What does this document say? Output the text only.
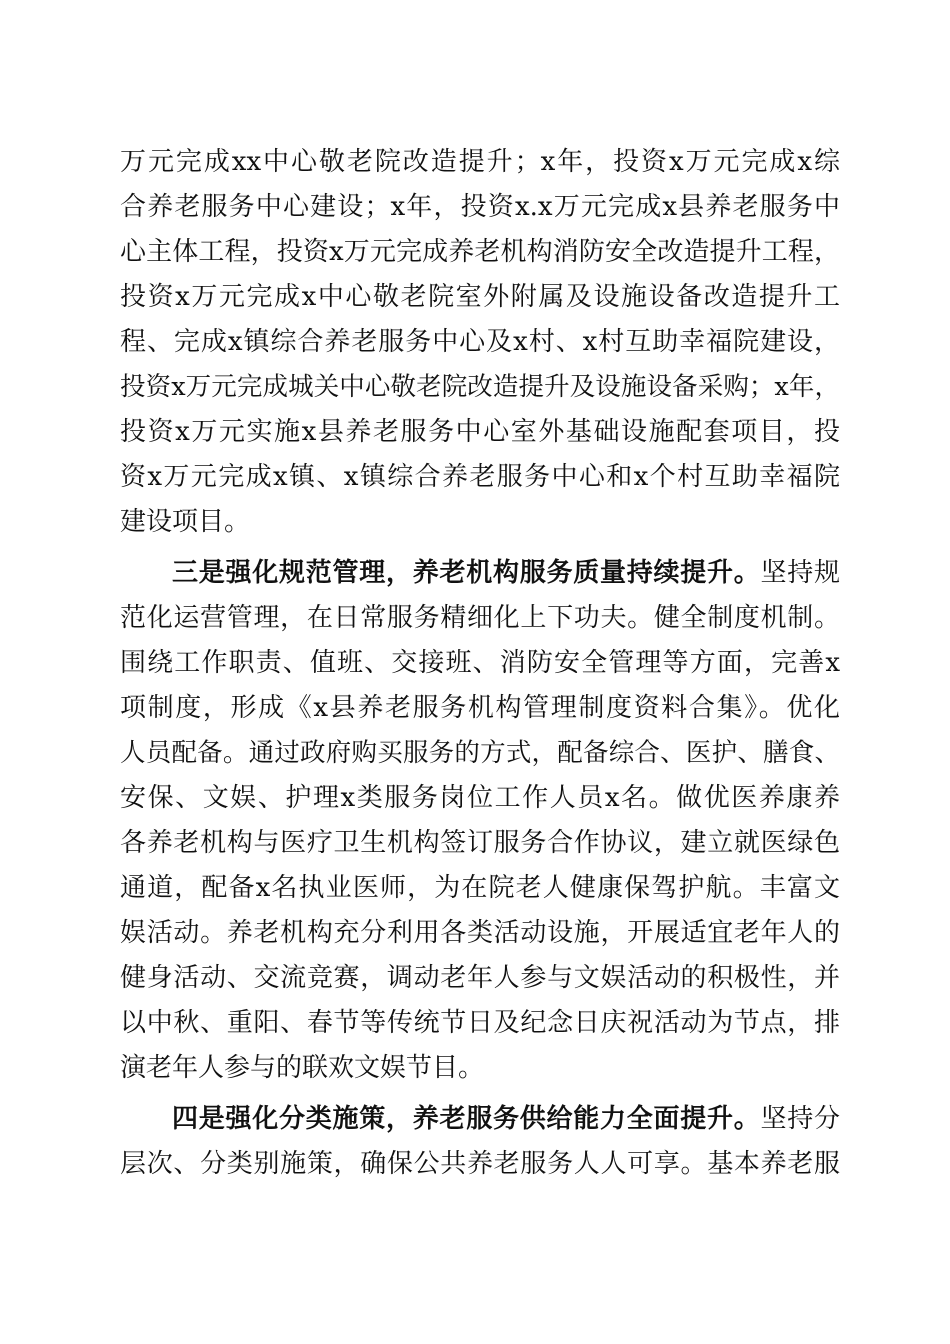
万元完成xx中心敬老院改造提升；x年，投资x万元完成x综
合养老服务中心建设；x年，投资x.x万元完成x县养老服务中
心主体工程，投资x万元完成养老机构消防安全改造提升工程，
投资x万元完成x中心敬老院室外附属及设施设备改造提升工
程、完成x镇综合养老服务中心及x村、x村互助幸福院建设，
投资x万元完成城关中心敬老院改造提升及设施设备采购；x年，
投资x万元实施x县养老服务中心室外基础设施配套项目，投
资x万元完成x镇、x镇综合养老服务中心和x个村互助幸福院
建设项目。
三是强化规范管理，养老机构服务质量持续提升。坚持规
范化运营管理，在日常服务精细化上下功夫。健全制度机制。
围绕工作职责、值班、交接班、消防安全管理等方面，完善x
项制度，形成《x县养老服务机构管理制度资料合集》。优化
人员配备。通过政府购买服务的方式，配备综合、医护、膳食、
安保、文娱、护理x类服务岗位工作人员x名。做优医养康养
各养老机构与医疗卫生机构签订服务合作协议，建立就医绿色
通道，配备x名执业医师，为在院老人健康保驾护航。丰富文
娱活动。养老机构充分利用各类活动设施，开展适宜老年人的
健身活动、交流竞赛，调动老年人参与文娱活动的积极性，并
以中秋、重阳、春节等传统节日及纪念日庆祝活动为节点，排
演老年人参与的联欢文娱节目。
四是强化分类施策，养老服务供给能力全面提升。坚持分
层次、分类别施策，确保公共养老服务人人可享。基本养老服
